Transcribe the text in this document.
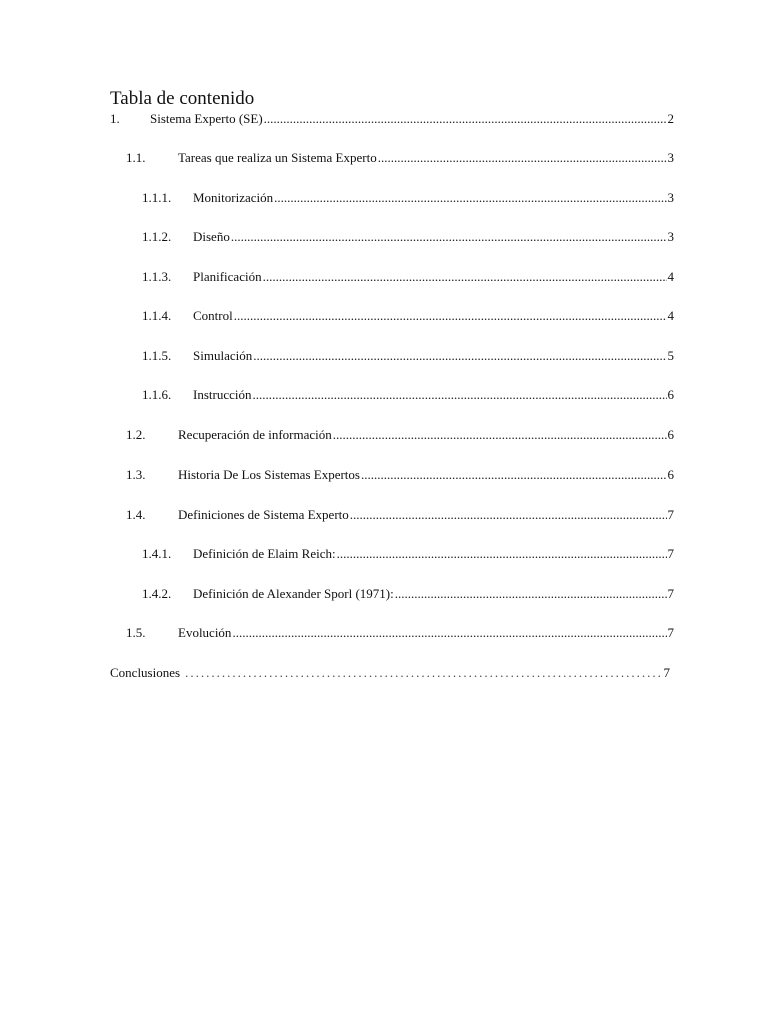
Tabla de contenido
1.	Sistema Experto (SE) .....	2
1.1.	Tareas que realiza un Sistema Experto .....	3
1.1.1.	Monitorización .....	3
1.1.2.	Diseño .....	3
1.1.3.	Planificación .....	4
1.1.4.	Control .....	4
1.1.5.	Simulación .....	5
1.1.6.	Instrucción .....	6
1.2.	Recuperación de información .....	6
1.3.	Historia De Los Sistemas Expertos .....	6
1.4.	Definiciones de Sistema Experto .....	7
1.4.1.	Definición de Elaim Reich: .....	7
1.4.2.	Definición de Alexander Sporl (1971): .....	7
1.5.	Evolución .....	7
Conclusiones .....	7
